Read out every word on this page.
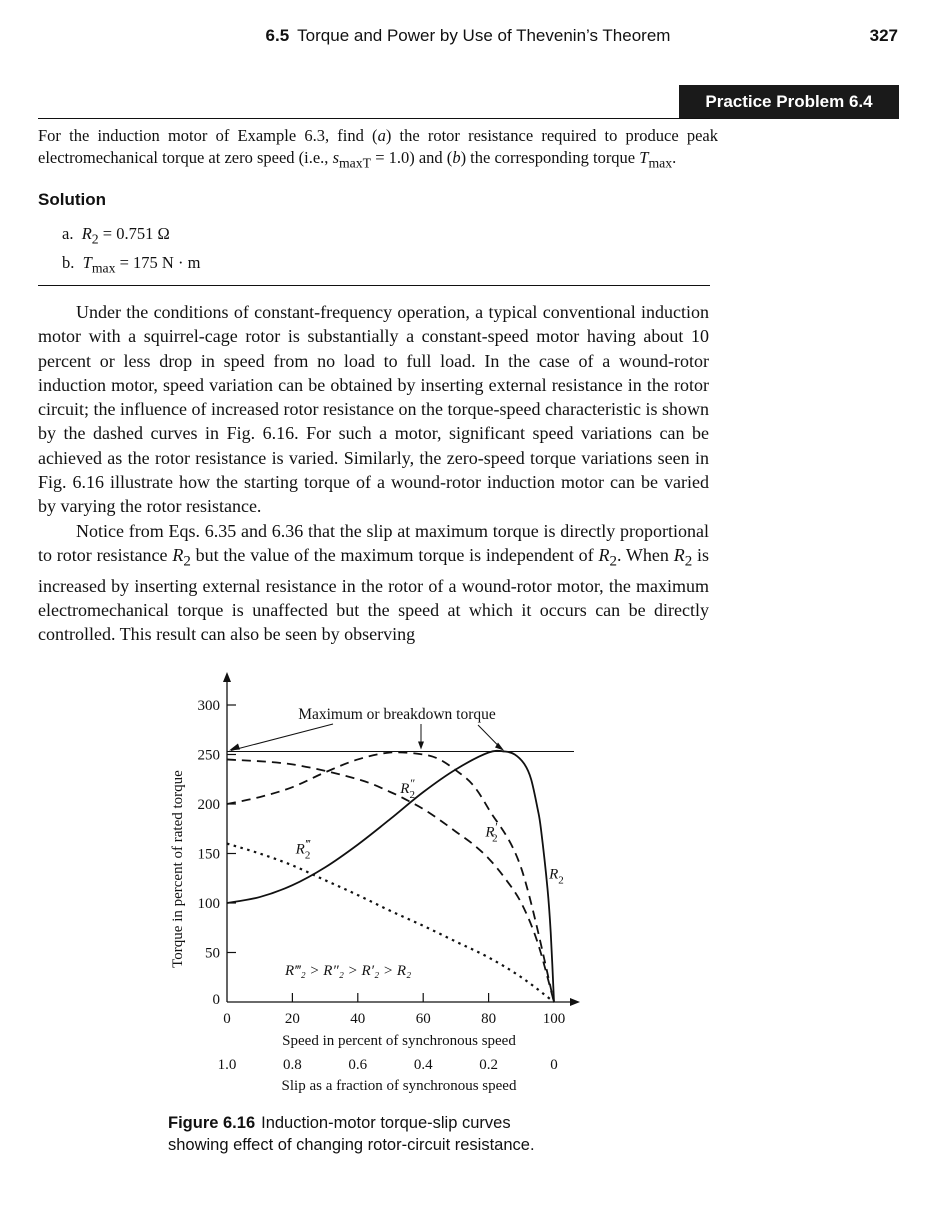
6.5 Torque and Power by Use of Thevenin’s Theorem	327
Practice Problem 6.4
For the induction motor of Example 6.3, find (a) the rotor resistance required to produce peak electromechanical torque at zero speed (i.e., $s_{maxT} = 1.0$) and (b) the corresponding torque $T_{max}$.
Solution
a. $R_2 = 0.751$ Ω
b. $T_{max} = 175$ N · m

Under the conditions of constant-frequency operation, a typical conventional induction motor with a squirrel-cage rotor is substantially a constant-speed motor having about 10 percent or less drop in speed from no load to full load. In the case of a wound-rotor induction motor, speed variation can be obtained by inserting external resistance in the rotor circuit; the influence of increased rotor resistance on the torque-speed characteristic is shown by the dashed curves in Fig. 6.16. For such a motor, significant speed variations can be achieved as the rotor resistance is varied. Similarly, the zero-speed torque variations seen in Fig. 6.16 illustrate how the starting torque of a wound-rotor induction motor can be varied by varying the rotor resistance.

Notice from Eqs. 6.35 and 6.36 that the slip at maximum torque is directly proportional to rotor resistance $R_2$ but the value of the maximum torque is independent of $R_2$. When $R_2$ is increased by inserting external resistance in the rotor of a wound-rotor motor, the maximum electromechanical torque is unaffected but the speed at which it occurs can be directly controlled. This result can also be seen by observing

Torque in percent of rated torque
Speed in percent of synchronous speed
Slip as a fraction of synchronous speed
Maximum or breakdown torque
R‴₂ > R″₂ > R′₂ > R₂
0
50
100
150
200
250
300
0
1.0
20
0.8
40
0.6
60
0.4
80
0.2
100
0
$R_2$
R′ 2
R″ 2
R‴ 2
Figure 6.16 Induction-motor torque-slip curves showing effect of changing rotor-circuit resistance.
